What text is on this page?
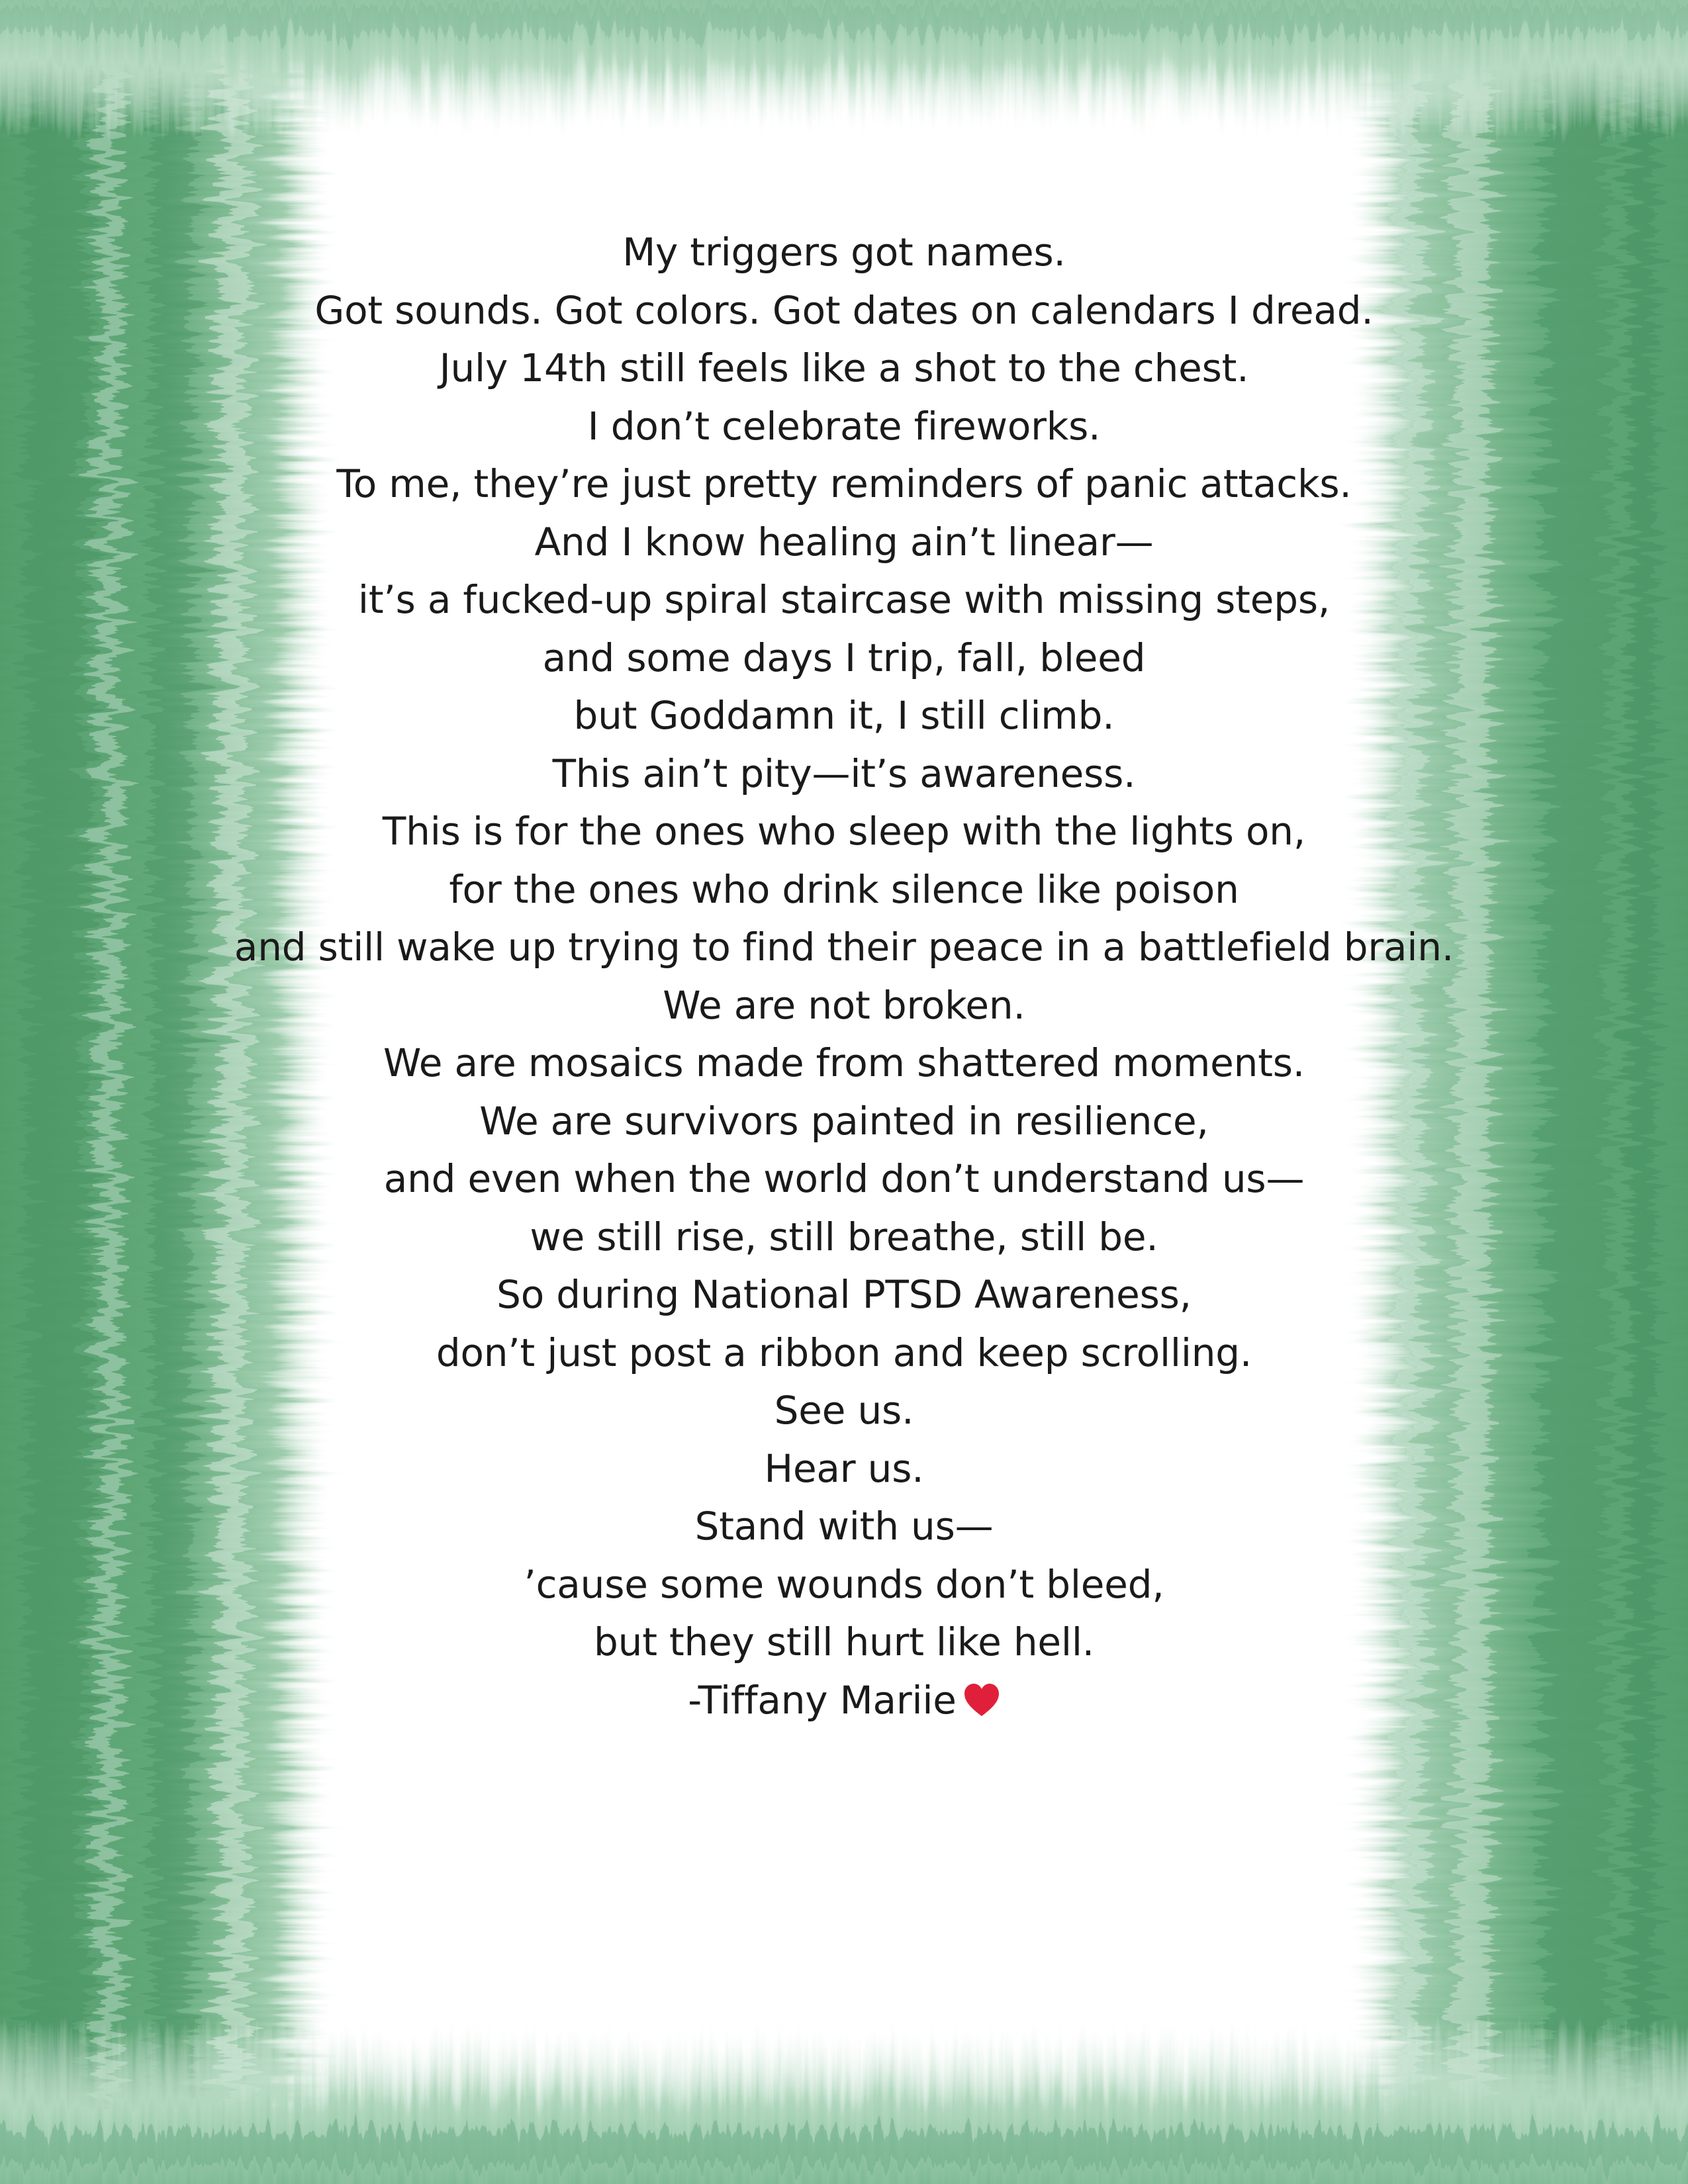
My triggers got names.
Got sounds. Got colors. Got dates on calendars I dread.
July 14th still feels like a shot to the chest.
I don’t celebrate fireworks.
To me, they’re just pretty reminders of panic attacks.
And I know healing ain’t linear—
it’s a fucked-up spiral staircase with missing steps,
and some days I trip, fall, bleed
but Goddamn it, I still climb.
This ain’t pity—it’s awareness.
This is for the ones who sleep with the lights on,
for the ones who drink silence like poison
and still wake up trying to find their peace in a battlefield brain.
We are not broken.
We are mosaics made from shattered moments.
We are survivors painted in resilience,
and even when the world don’t understand us—
we still rise, still breathe, still be.
So during National PTSD Awareness,
don’t just post a ribbon and keep scrolling.
See us.
Hear us.
Stand with us—
’cause some wounds don’t bleed,
but they still hurt like hell.
-Tiffany Mariie
